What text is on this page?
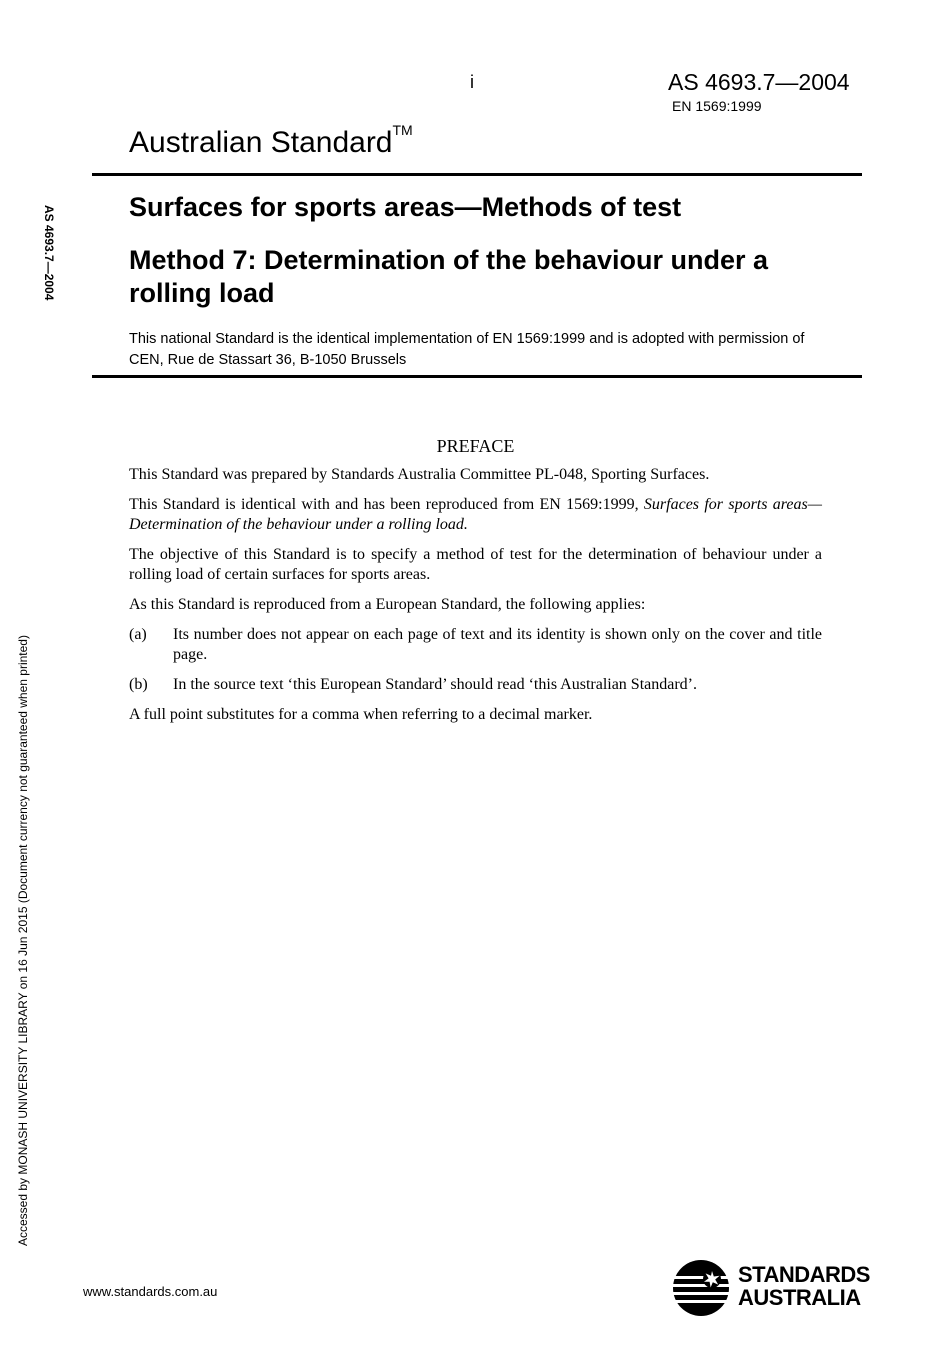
i	AS 4693.7—2004
EN 1569:1999
Australian Standard™
Surfaces for sports areas—Methods of test
Method 7: Determination of the behaviour under a rolling load
This national Standard is the identical implementation of EN 1569:1999 and is adopted with permission of CEN, Rue de Stassart 36, B-1050 Brussels
AS 4693.7—2004
Accessed by MONASH UNIVERSITY LIBRARY on 16 Jun 2015 (Document currency not guaranteed when printed)
PREFACE

This Standard was prepared by Standards Australia Committee PL-048, Sporting Surfaces.

This Standard is identical with and has been reproduced from EN 1569:1999, Surfaces for sports areas—Determination of the behaviour under a rolling load.

The objective of this Standard is to specify a method of test for the determination of behaviour under a rolling load of certain surfaces for sports areas.

As this Standard is reproduced from a European Standard, the following applies:

(a)	Its number does not appear on each page of text and its identity is shown only on the cover and title page.
(b)	In the source text ‘this European Standard’ should read ‘this Australian Standard’.

A full point substitutes for a comma when referring to a decimal marker.

www.standards.com.au
STANDARDS
AUSTRALIA
